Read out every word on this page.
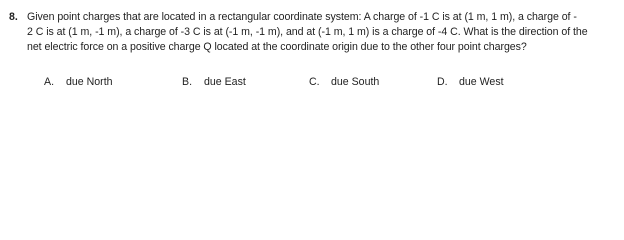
8. Given point charges that are located in a rectangular coordinate system: A charge of -1 C is at (1 m, 1 m), a charge of -
2 C is at (1 m, -1 m), a charge of -3 C is at (-1 m, -1 m), and at (-1 m, 1 m) is a charge of -4 C. What is the direction of the
net electric force on a positive charge Q located at the coordinate origin due to the other four point charges?
A. due North	B. due East	C. due South	D. due West
